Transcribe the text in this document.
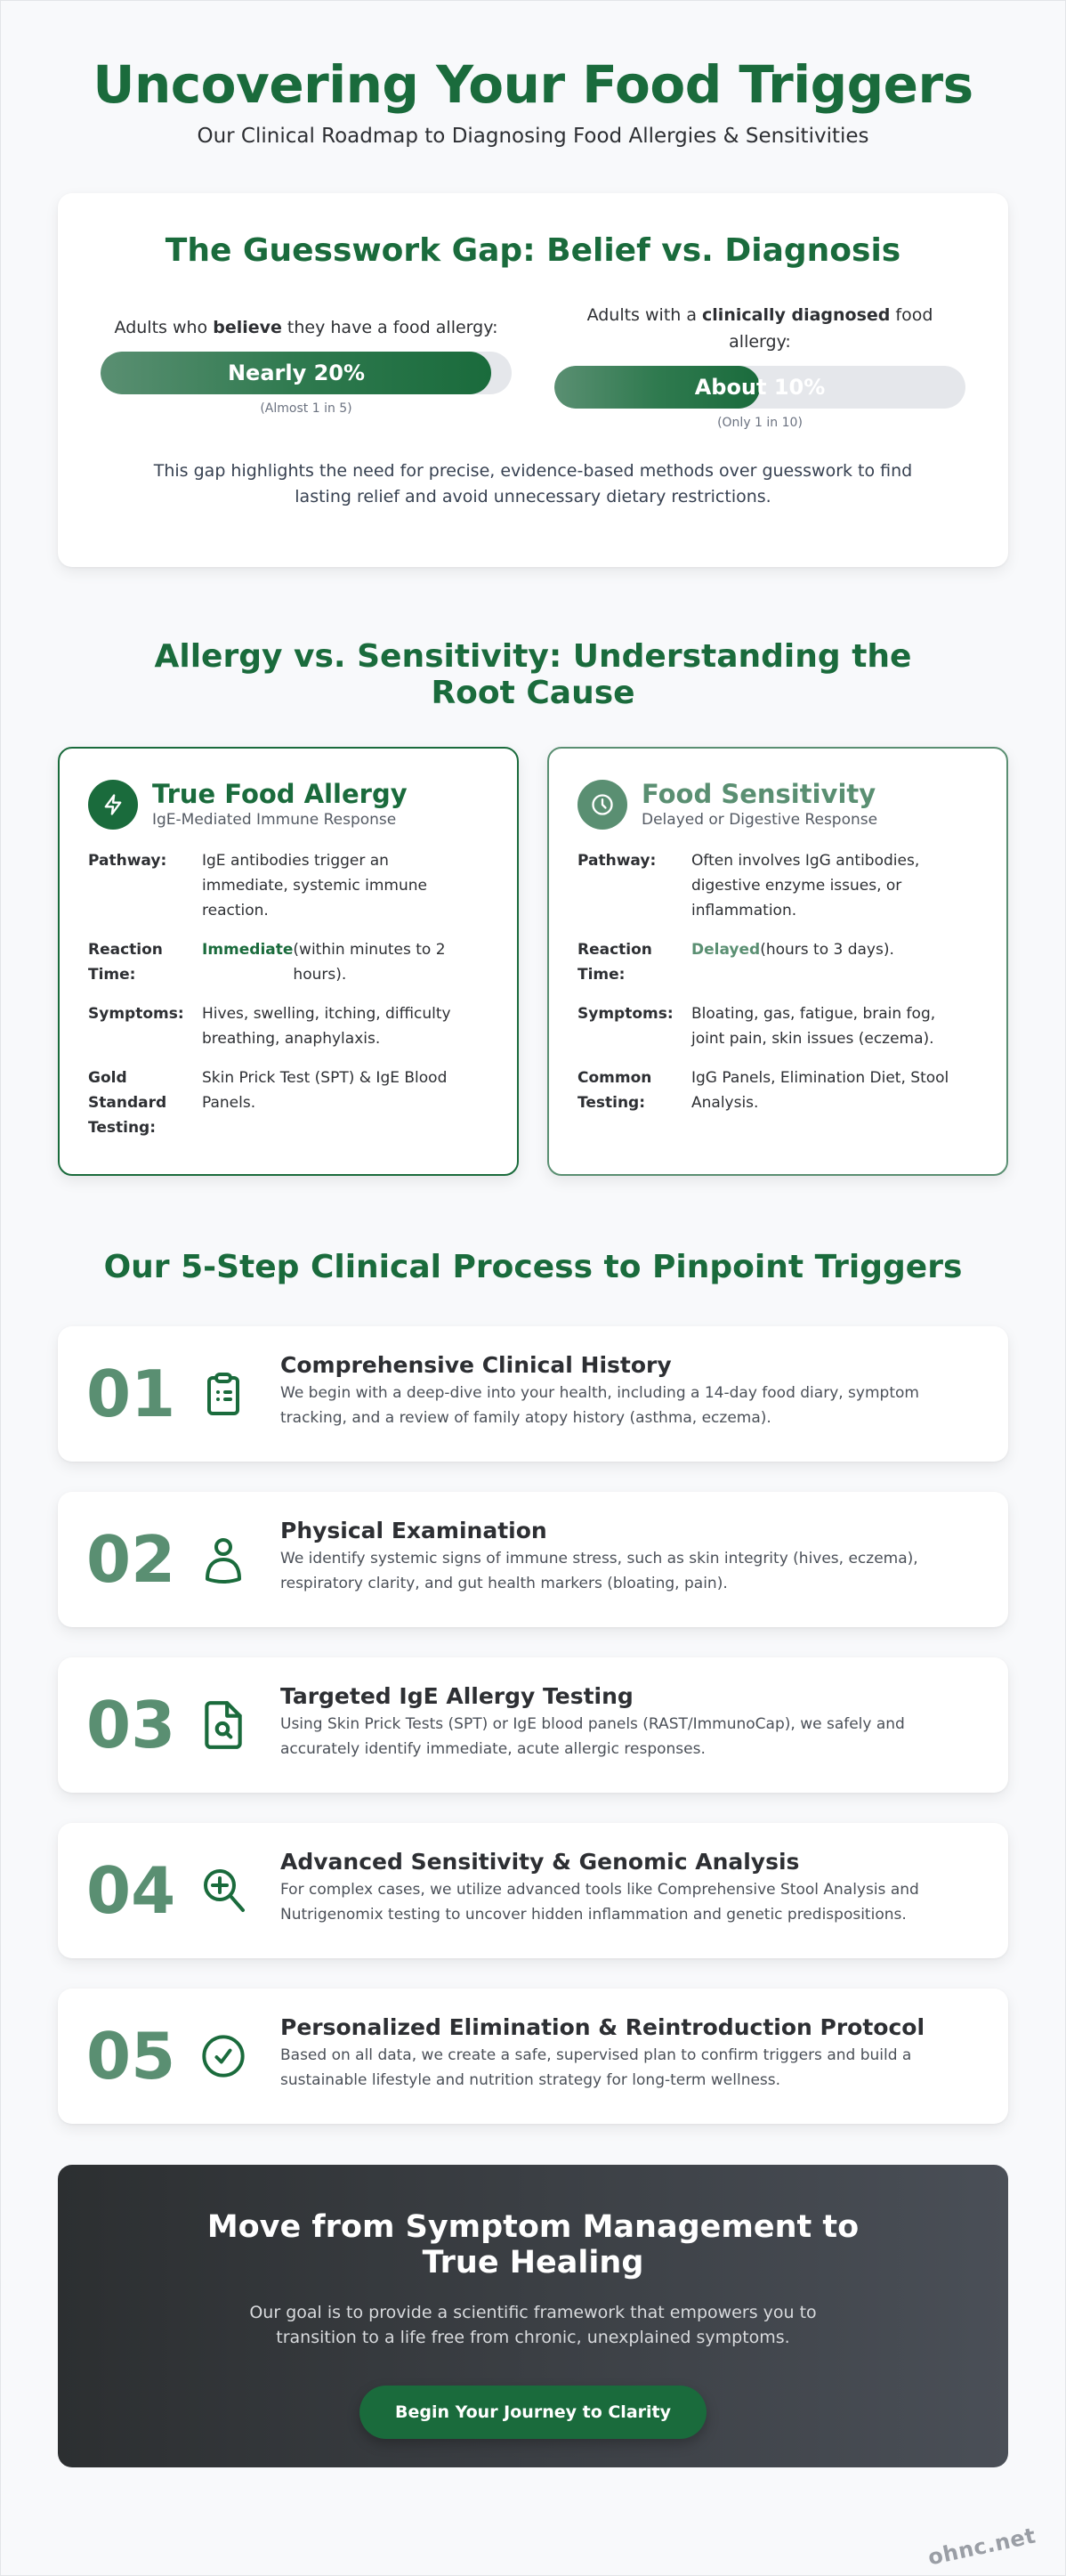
Uncovering Your Food Triggers

Our Clinical Roadmap to Diagnosing Food Allergies & Sensitivities

The Guesswork Gap: Belief vs. Diagnosis
Adults who believe they have a food allergy:
Nearly 20%
(Almost 1 in 5)
Adults with a clinically diagnosed food allergy:
About 10%
(Only 1 in 10)

This gap highlights the need for precise, evidence-based methods over guesswork to find lasting relief and avoid unnecessary dietary restrictions.

Allergy vs. Sensitivity: Understanding the Root Cause
True Food Allergy
IgE-Mediated Immune Response
Pathway:	IgE antibodies trigger an immediate, systemic immune reaction.
Reaction Time:
Immediate (within minutes to 2 hours).
Symptoms:	Hives, swelling, itching, difficulty breathing, anaphylaxis.
Gold Standard Testing:
Skin Prick Test (SPT) & IgE Blood Panels.
Food Sensitivity
Delayed or Digestive Response
Pathway:	Often involves IgG antibodies, digestive enzyme issues, or inflammation.
Reaction Time:
Delayed (hours to 3 days).
Symptoms:	Bloating, gas, fatigue, brain fog, joint pain, skin issues (eczema).
Common Testing:
IgG Panels, Elimination Diet, Stool Analysis.
Our 5-Step Clinical Process to Pinpoint Triggers
01	Comprehensive Clinical History
We begin with a deep-dive into your health, including a 14-day food diary, symptom tracking, and a review of family atopy history (asthma, eczema).
02	Physical Examination
We identify systemic signs of immune stress, such as skin integrity (hives, eczema), respiratory clarity, and gut health markers (bloating, pain).
03	Targeted IgE Allergy Testing
Using Skin Prick Tests (SPT) or IgE blood panels (RAST/ImmunoCap), we safely and accurately identify immediate, acute allergic responses.
04	Advanced Sensitivity & Genomic Analysis
For complex cases, we utilize advanced tools like Comprehensive Stool Analysis and Nutrigenomix testing to uncover hidden inflammation and genetic predispositions.
05	Personalized Elimination & Reintroduction Protocol
Based on all data, we create a safe, supervised plan to confirm triggers and build a sustainable lifestyle and nutrition strategy for long-term wellness.
Move from Symptom Management to True Healing

Our goal is to provide a scientific framework that empowers you to transition to a life free from chronic, unexplained symptoms.

Begin Your Journey to Clarity
ohnc.net
